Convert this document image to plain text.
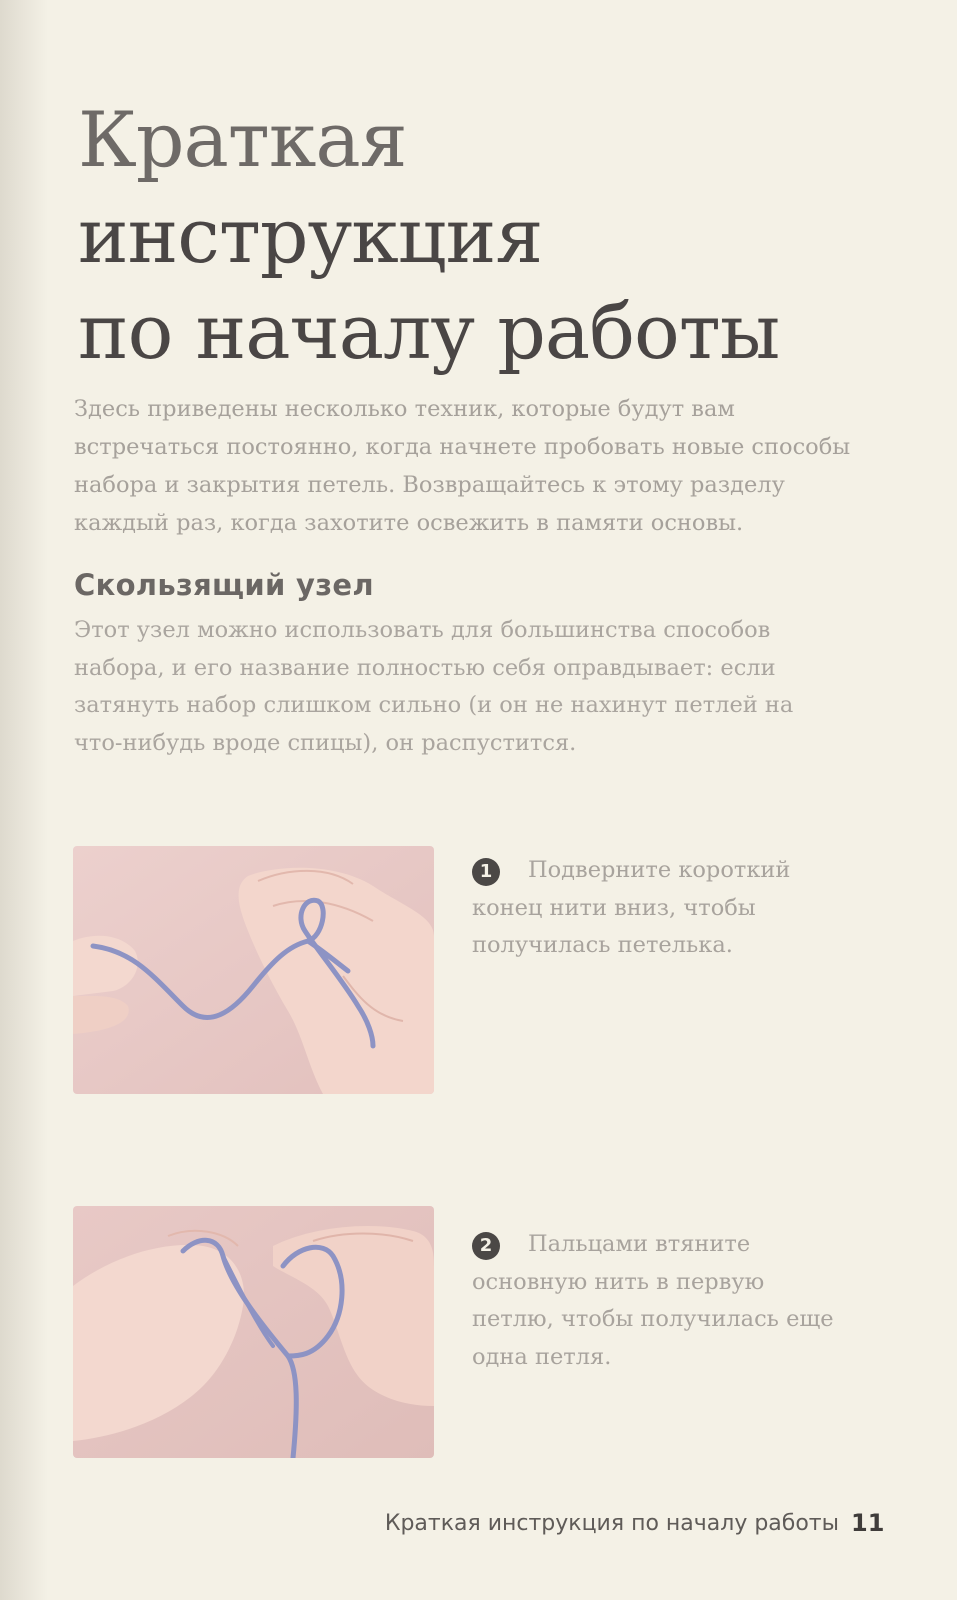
Краткая
инструкция
по началу работы

Здесь приведены несколько техник, которые будут вам встречаться постоянно, когда начнете пробовать новые способы набора и закрытия петель. Возвращайтесь к этому разделу каждый раз, когда захотите освежить в памяти основы.

Скользящий узел

Этот узел можно использовать для большинства способов набора, и его название полностью себя оправдывает: если затянуть набор слишком сильно (и он не нахинут петлей на что-нибудь вроде спицы), он распустится.

1	Подверните короткий конец нити вниз, чтобы получилась петелька.

2	Пальцами втяните основную нить в первую петлю, чтобы получилась еще одна петля.

Краткая инструкция по началу работы 11
